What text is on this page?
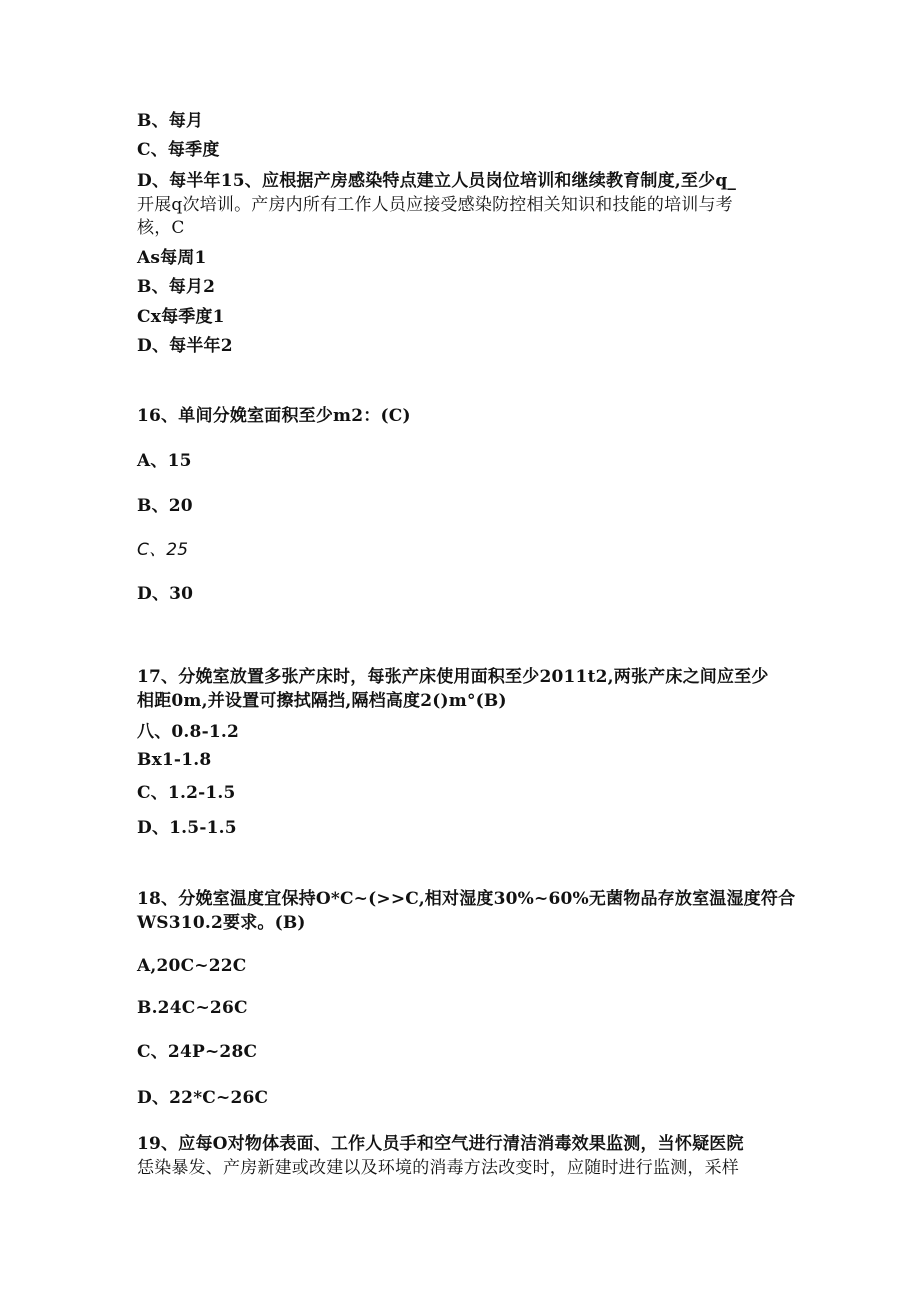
B、每月
C、每季度
D、每半年15、应根据产房感染特点建立人员岗位培训和继续教育制度,至少q_
开展q次培训。产房内所有工作人员应接受感染防控相关知识和技能的培训与考
核，C
As每周1
B、每月2
Cx每季度1
D、每半年2
16、单间分娩室面积至少m2：(C)
A、15
B、20
C、25
D、30
17、分娩室放置多张产床时，每张产床使用面积至少2011t2,两张产床之间应至少
相距0m,并设置可擦拭隔挡,隔档高度2()m°(B)
八、0.8-1.2
Bx1-1.8
C、1.2-1.5
D、1.5-1.5
18、分娩室温度宜保持O*C~(>>C,相对湿度30%~60%无菌物品存放室温湿度符合
WS310.2要求。(B)
A,20C~22C
B.24C~26C
C、24P~28C
D、22*C~26C
19、应每O对物体表面、工作人员手和空气进行清洁消毒效果监测，当怀疑医院
恁染暴发、产房新建或改建以及环境的消毒方法改变时，应随时进行监测，采样
